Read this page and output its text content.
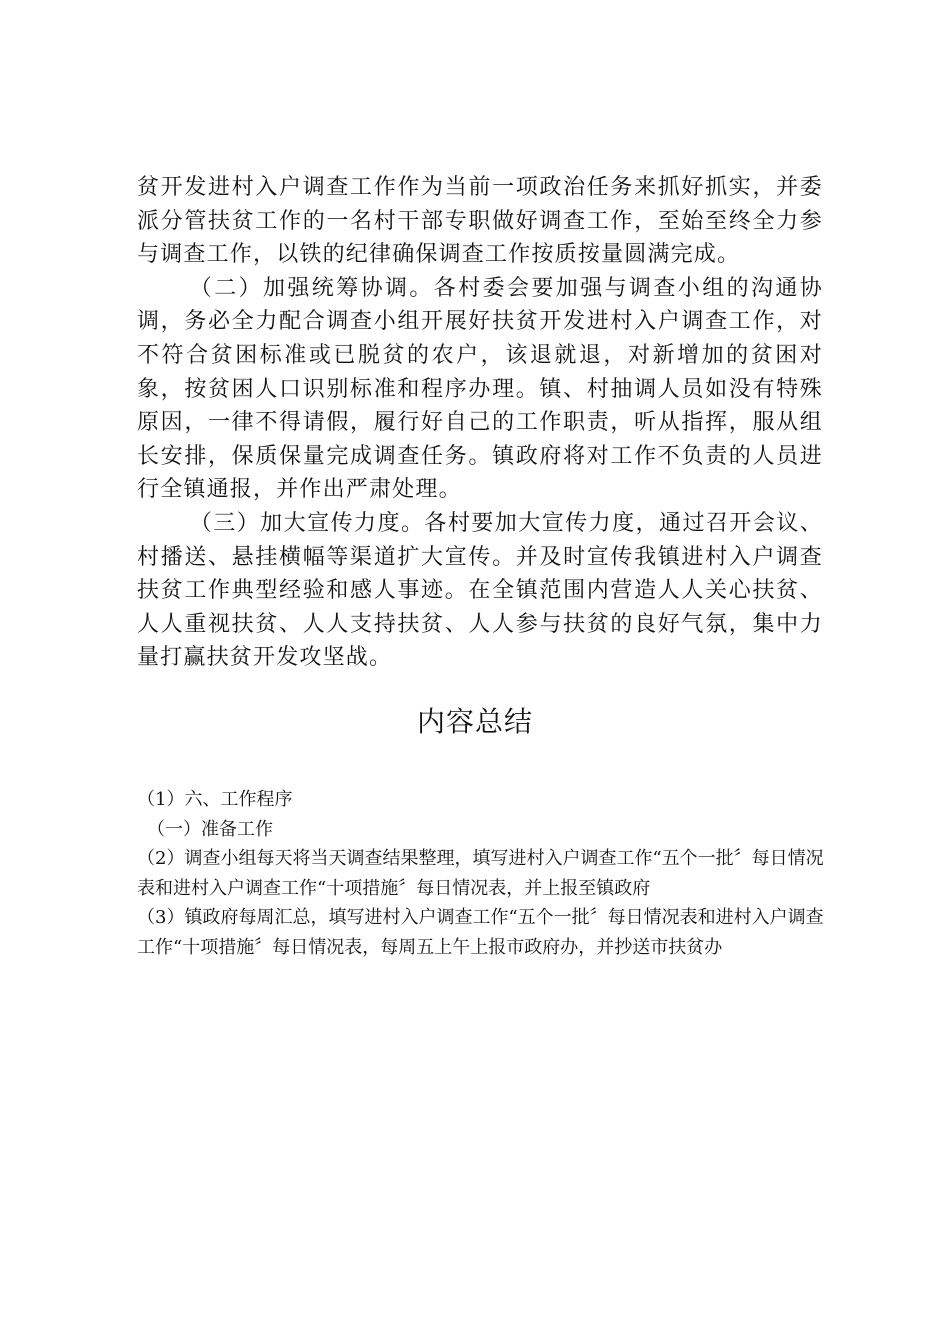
贫开发进村入户调查工作作为当前一项政治任务来抓好抓实，并委派分管扶贫工作的一名村干部专职做好调查工作，至始至终全力参与调查工作，以铁的纪律确保调查工作按质按量圆满完成。

（二）加强统筹协调。各村委会要加强与调查小组的沟通协调，务必全力配合调查小组开展好扶贫开发进村入户调查工作，对不符合贫困标准或已脱贫的农户，该退就退，对新增加的贫困对象，按贫困人口识别标准和程序办理。镇、村抽调人员如没有特殊原因，一律不得请假，履行好自己的工作职责，听从指挥，服从组长安排，保质保量完成调查任务。镇政府将对工作不负责的人员进行全镇通报，并作出严肃处理。

（三）加大宣传力度。各村要加大宣传力度，通过召开会议、村播送、悬挂横幅等渠道扩大宣传。并及时宣传我镇进村入户调查扶贫工作典型经验和感人事迹。在全镇范围内营造人人关心扶贫、人人重视扶贫、人人支持扶贫、人人参与扶贫的良好气氛，集中力量打赢扶贫开发攻坚战。

内容总结

（1）六、工作程序

（一）准备工作

（2）调查小组每天将当天调查结果整理，填写进村入户调查工作“五个一批〞每日情况表和进村入户调查工作“十项措施〞每日情况表，并上报至镇政府

（3）镇政府每周汇总，填写进村入户调查工作“五个一批〞每日情况表和进村入户调查工作“十项措施〞每日情况表，每周五上午上报市政府办，并抄送市扶贫办
